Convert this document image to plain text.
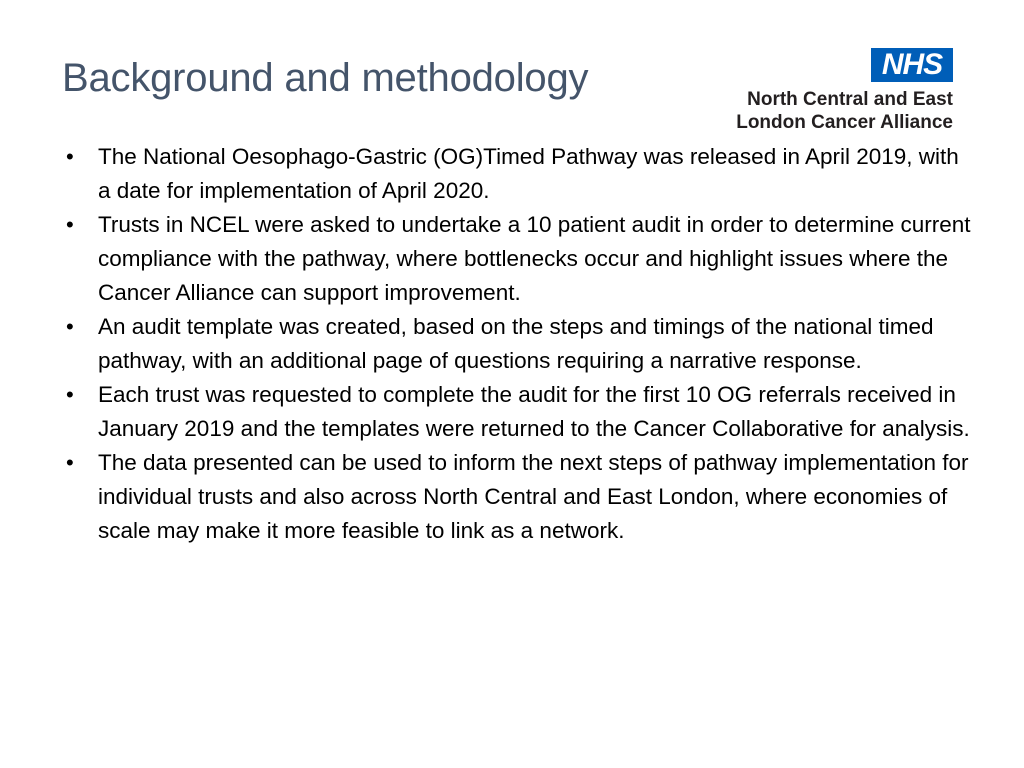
Background and methodology	NHS
North Central and East
London Cancer Alliance
• The National Oesophago-Gastric (OG)Timed Pathway was released in April 2019, with a date for implementation of April 2020.
• Trusts in NCEL were asked to undertake a 10 patient audit in order to determine current compliance with the pathway, where bottlenecks occur and highlight issues where the Cancer Alliance can support improvement.
• An audit template was created, based on the steps and timings of the national timed pathway, with an additional page of questions requiring a narrative response.
• Each trust was requested to complete the audit for the first 10 OG referrals received in January 2019 and the templates were returned to the Cancer Collaborative for analysis.
• The data presented can be used to inform the next steps of pathway implementation for individual trusts and also across North Central and East London, where economies of scale may make it more feasible to link as a network.
